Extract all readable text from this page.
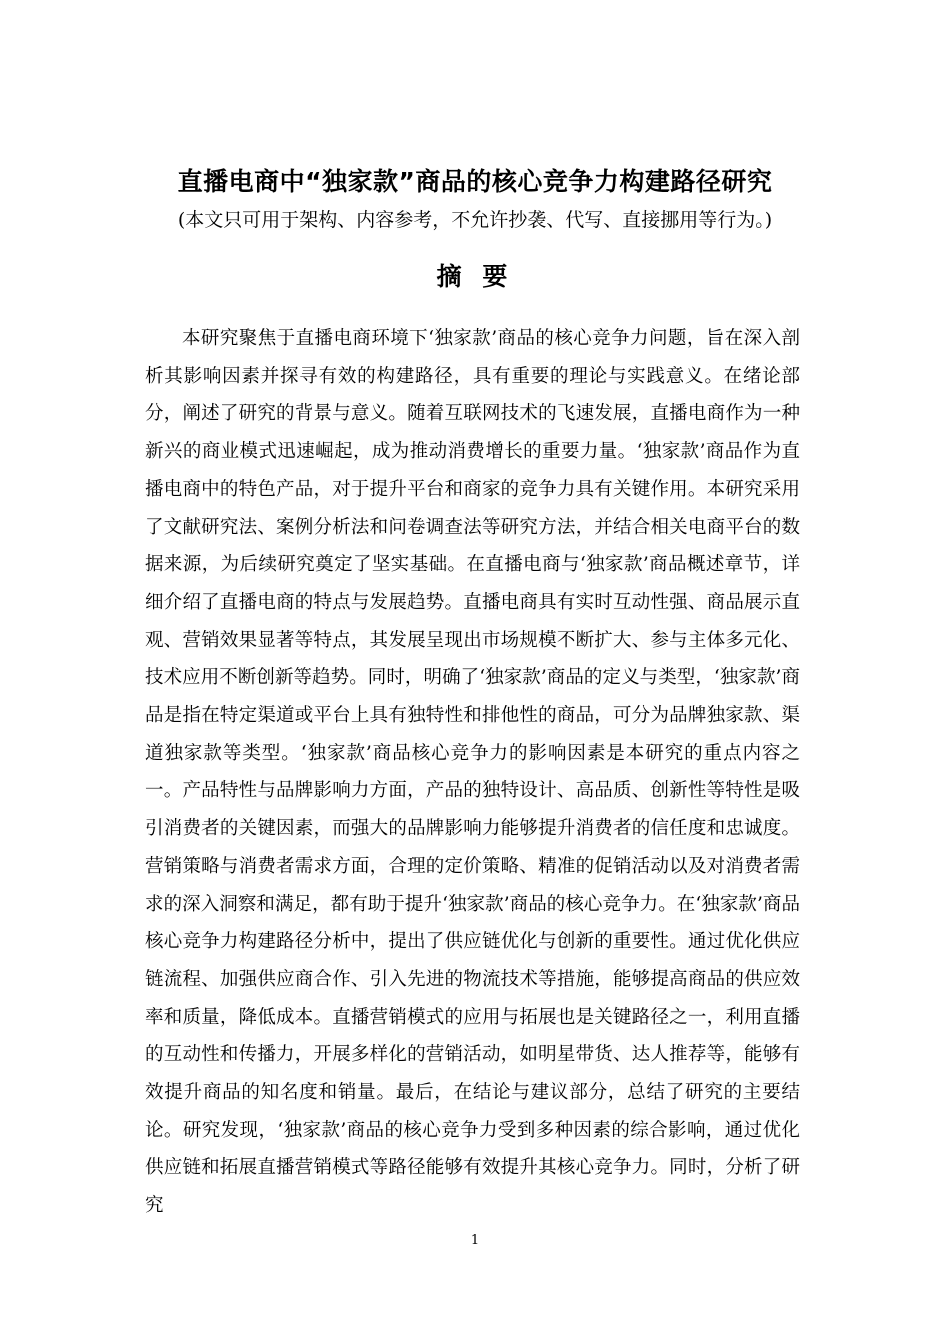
直播电商中“独家款”商品的核心竞争力构建路径研究
(本文只可用于架构、内容参考，不允许抄袭、代写、直接挪用等行为。)
摘 要

本研究聚焦于直播电商环境下‘独家款’商品的核心竞争力问题，旨在深入剖析其影响因素并探寻有效的构建路径，具有重要的理论与实践意义。在绪论部分，阐述了研究的背景与意义。随着互联网技术的飞速发展，直播电商作为一种新兴的商业模式迅速崛起，成为推动消费增长的重要力量。‘独家款’商品作为直播电商中的特色产品，对于提升平台和商家的竞争力具有关键作用。本研究采用了文献研究法、案例分析法和问卷调查法等研究方法，并结合相关电商平台的数据来源，为后续研究奠定了坚实基础。在直播电商与‘独家款’商品概述章节，详细介绍了直播电商的特点与发展趋势。直播电商具有实时互动性强、商品展示直观、营销效果显著等特点，其发展呈现出市场规模不断扩大、参与主体多元化、技术应用不断创新等趋势。同时，明确了‘独家款’商品的定义与类型，‘独家款’商品是指在特定渠道或平台上具有独特性和排他性的商品，可分为品牌独家款、渠道独家款等类型。‘独家款’商品核心竞争力的影响因素是本研究的重点内容之一。产品特性与品牌影响力方面，产品的独特设计、高品质、创新性等特性是吸引消费者的关键因素，而强大的品牌影响力能够提升消费者的信任度和忠诚度。营销策略与消费者需求方面，合理的定价策略、精准的促销活动以及对消费者需求的深入洞察和满足，都有助于提升‘独家款’商品的核心竞争力。在‘独家款’商品核心竞争力构建路径分析中，提出了供应链优化与创新的重要性。通过优化供应链流程、加强供应商合作、引入先进的物流技术等措施，能够提高商品的供应效率和质量，降低成本。直播营销模式的应用与拓展也是关键路径之一，利用直播的互动性和传播力，开展多样化的营销活动，如明星带货、达人推荐等，能够有效提升商品的知名度和销量。最后，在结论与建议部分，总结了研究的主要结论。研究发现，‘独家款’商品的核心竞争力受到多种因素的综合影响，通过优化供应链和拓展直播营销模式等路径能够有效提升其核心竞争力。同时，分析了研究

1
